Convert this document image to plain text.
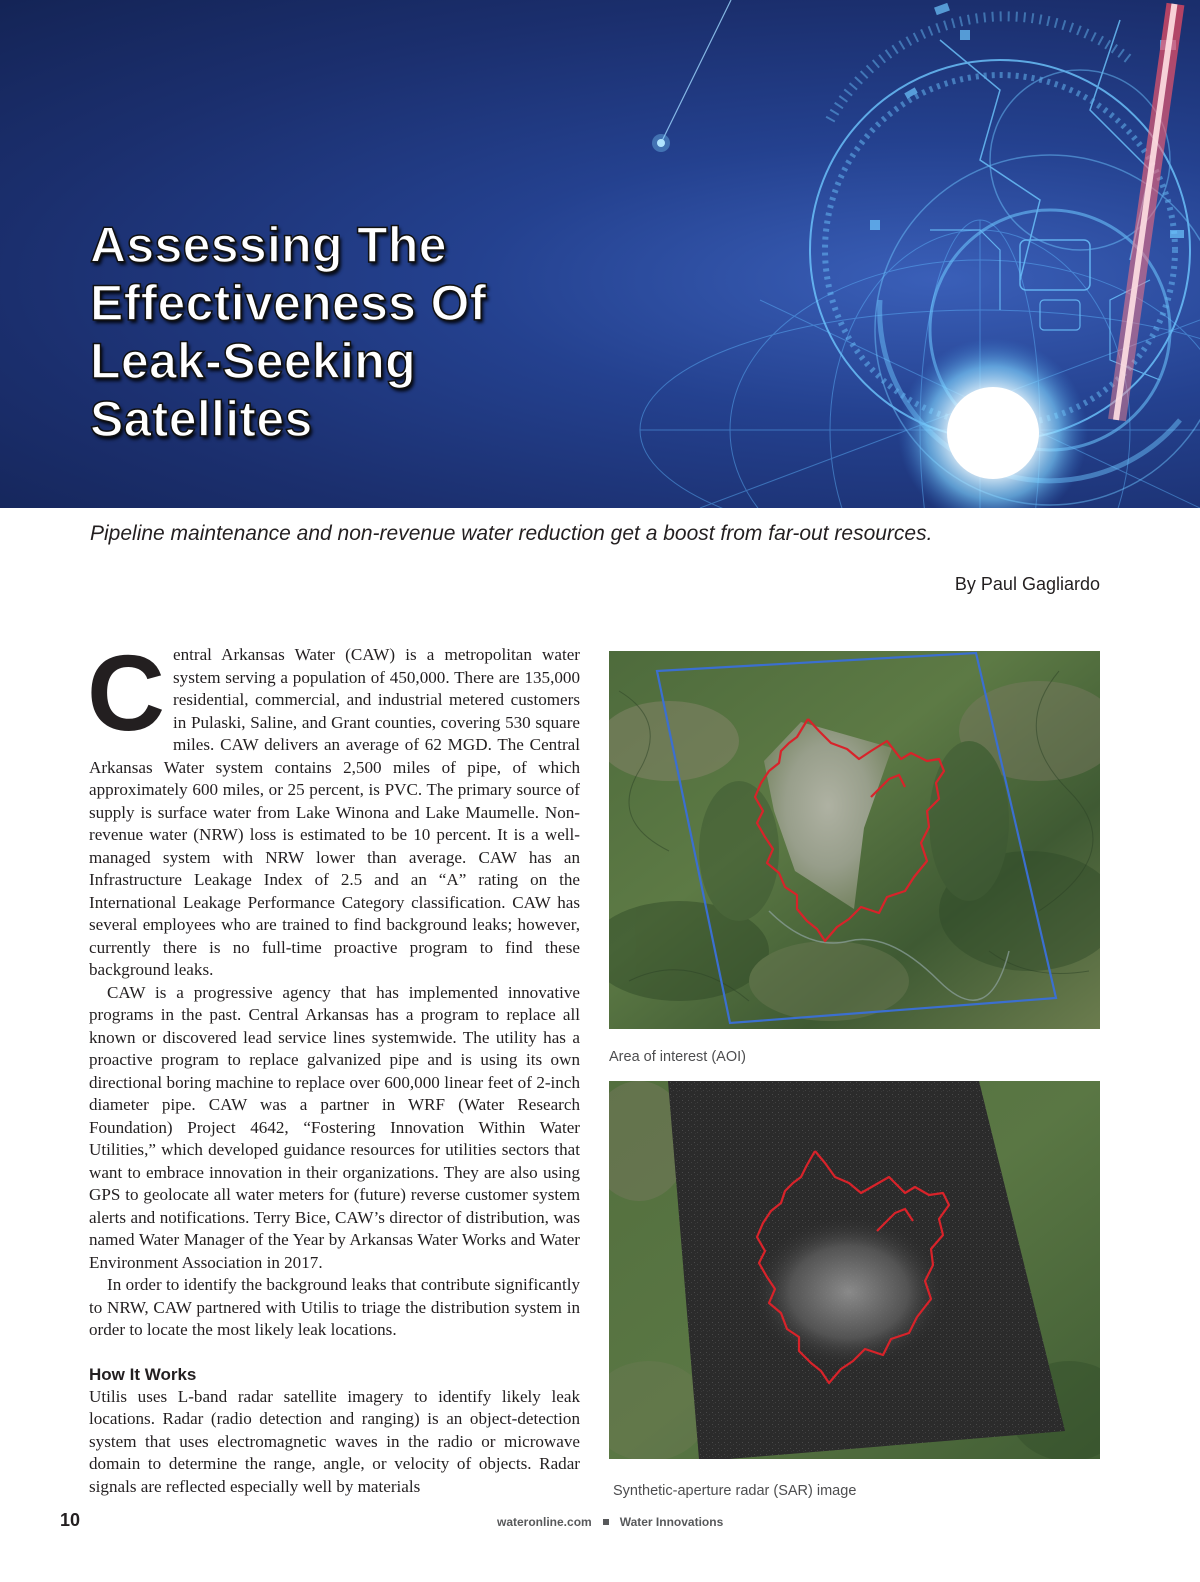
Assessing The
Effectiveness Of
Leak-Seeking
Satellites
Pipeline maintenance and non-revenue water reduction get a boost from far-out resources.
By Paul Gagliardo

Central Arkansas Water (CAW) is a metropolitan water system serving a population of 450,000. There are 135,000 residential, commercial, and industrial metered customers in Pulaski, Saline, and Grant counties, covering 530 square miles. CAW delivers an average of 62 MGD. The Central Arkansas Water system contains 2,500 miles of pipe, of which approximately 600 miles, or 25 percent, is PVC. The primary source of supply is surface water from Lake Winona and Lake Maumelle. Non-revenue water (NRW) loss is estimated to be 10 percent. It is a well-managed system with NRW lower than average. CAW has an Infrastructure Leakage Index of 2.5 and an “A” rating on the International Leakage Performance Category classification. CAW has several employees who are trained to find background leaks; however, currently there is no full-time proactive program to find these background leaks.

CAW is a progressive agency that has implemented innovative programs in the past. Central Arkansas has a program to replace all known or discovered lead service lines systemwide. The utility has a proactive program to replace galvanized pipe and is using its own directional boring machine to replace over 600,000 linear feet of 2-inch diameter pipe. CAW was a partner in WRF (Water Research Foundation) Project 4642, “Fostering Innovation Within Water Utilities,” which developed guidance resources for utilities sectors that want to embrace innovation in their organizations. They are also using GPS to geolocate all water meters for (future) reverse customer system alerts and notifications. Terry Bice, CAW’s director of distribution, was named Water Manager of the Year by Arkansas Water Works and Water Environment Association in 2017.

In order to identify the background leaks that contribute significantly to NRW, CAW partnered with Utilis to triage the distribution system in order to locate the most likely leak locations.

How It Works

Utilis uses L-band radar satellite imagery to identify likely leak locations. Radar (radio detection and ranging) is an object-detection system that uses electromagnetic waves in the radio or microwave domain to determine the range, angle, or velocity of objects. Radar signals are reflected especially well by materials

Area of interest (AOI)
Synthetic-aperture radar (SAR) image
10	wateronline.com Water Innovations
